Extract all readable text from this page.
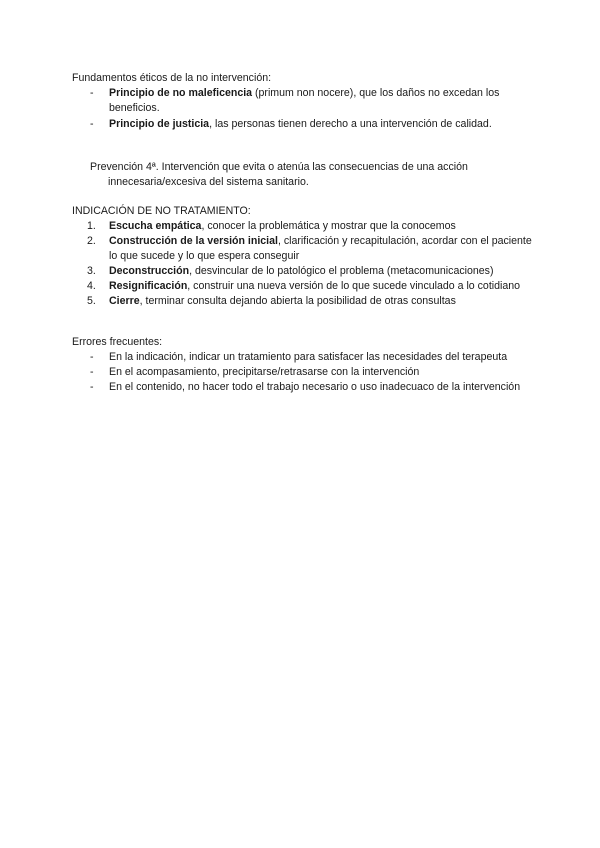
Fundamentos éticos de la no intervención:

- Principio de no maleficencia (primum non nocere), que los daños no excedan los beneficios.
- Principio de justicia, las personas tienen derecho a una intervención de calidad.
Prevención 4ª. Intervención que evita o atenúa las consecuencias de una acción
innecesaria/excesiva del sistema sanitario.

INDICACIÓN DE NO TRATAMIENTO:

1. Escucha empática, conocer la problemática y mostrar que la conocemos
2. Construcción de la versión inicial, clarificación y recapitulación, acordar con el paciente lo que sucede y lo que espera conseguir
3. Deconstrucción, desvincular de lo patológico el problema (metacomunicaciones)
4. Resignificación, construir una nueva versión de lo que sucede vinculado a lo cotidiano
5. Cierre, terminar consulta dejando abierta la posibilidad de otras consultas

Errores frecuentes:

- En la indicación, indicar un tratamiento para satisfacer las necesidades del terapeuta
- En el acompasamiento, precipitarse/retrasarse con la intervención
- En el contenido, no hacer todo el trabajo necesario o uso inadecuaco de la intervención
